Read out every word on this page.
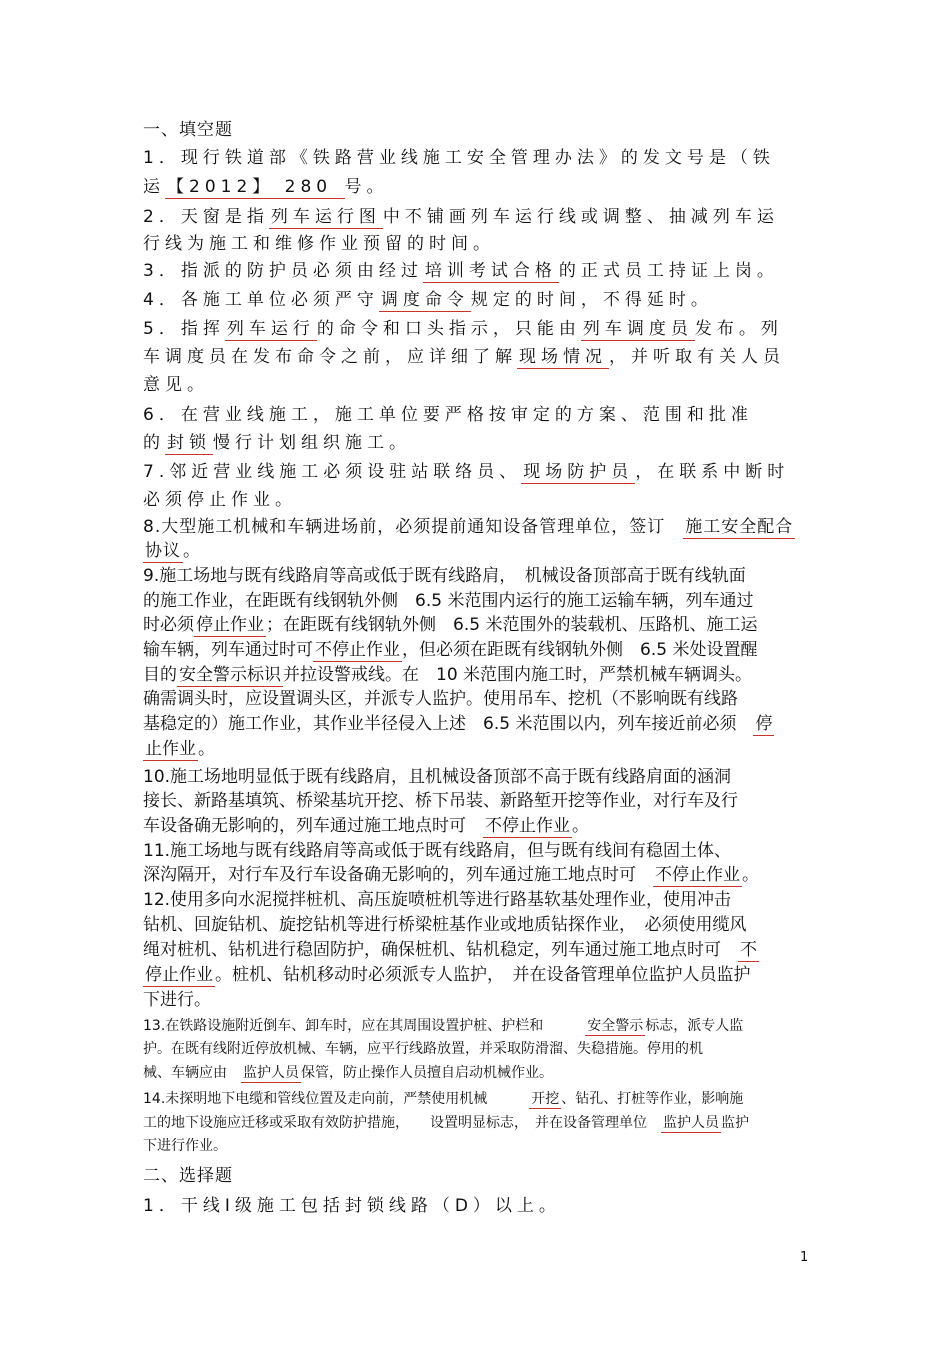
一、填空题
1．现行铁道部《铁路营业线施工安全管理办法》的发文号是（铁
运 【2012】 280 号。
2．天窗是指 列车运行图 中不铺画列车运行线或调整、抽减列车运
行线为施工和维修作业预留的时间。
3．指派的防护员必须由经过 培训考试合格 的正式员工持证上岗。
4．各施工单位必须严守 调度命令 规定的时间，不得延时。
5．指挥 列车运行 的命令和口头指示，只能由 列车调度员 发布。列
车调度员在发布命令之前，应详细了解 现场情况 ，并听取有关人员
意见。
6．在营业线施工，施工单位要严格按审定的方案、范围和批准
的 封锁 慢行计划组织施工。
7.邻近营业线施工必须设驻站联络员、 现场防护员 ，在联系中断时
必须停止作业。
8.大型施工机械和车辆进场前，必须提前通知设备管理单位，签订　施工安全配合
协议 。
9.施工场地与既有线路肩等高或低于既有线路肩，　机械设备顶部高于既有线轨面
的施工作业，在距既有线钢轨外侧　6.5 米范围内运行的施工运输车辆，列车通过
时必须 停止作业 ；在距既有线钢轨外侧　6.5 米范围外的装载机、压路机、施工运
输车辆，列车通过时可 不停止作业 ，但必须在距既有线钢轨外侧　6.5 米处设置醒
目的 安全警示标识 并拉设警戒线。在　10 米范围内施工时，严禁机械车辆调头。
确需调头时，应设置调头区，并派专人监护。使用吊车、挖机（不影响既有线路
基稳定的）施工作业，其作业半径侵入上述　6.5 米范围以内，列车接近前必须　停
止作业 。
10.施工场地明显低于既有线路肩，且机械设备顶部不高于既有线路肩面的涵洞
接长、新路基填筑、桥梁基坑开挖、桥下吊装、新路堑开挖等作业，对行车及行
车设备确无影响的，列车通过施工地点时可　不停止作业 。
11.施工场地与既有线路肩等高或低于既有线路肩，但与既有线间有稳固土体、
深沟隔开，对行车及行车设备确无影响的，列车通过施工地点时可　不停止作业 。
12.使用多向水泥搅拌桩机、高压旋喷桩机等进行路基软基处理作业，使用冲击
钻机、回旋钻机、旋挖钻机等进行桥梁桩基作业或地质钻探作业，　必须使用缆风
绳对桩机、钻机进行稳固防护，确保桩机、钻机稳定，列车通过施工地点时可　不
停止作业 。桩机、钻机移动时必须派专人监护，　并在设备管理单位监护人员监护
下进行。
13.在铁路设施附近倒车、卸车时，应在其周围设置护桩、护栏和　　　安全警示 标志，派专人监
护。在既有线附近停放机械、车辆，应平行线路放置，并采取防滑溜、失稳措施。停用的机
械、车辆应由　监护人员 保管，防止操作人员擅自启动机械作业。
14.未探明地下电缆和管线位置及走向前，严禁使用机械　　　开挖 、钻孔、打桩等作业，影响施
工的地下设施应迁移或采取有效防护措施，　　设置明显标志，　并在设备管理单位　监护人员 监护
下进行作业。
二、选择题
1．干线Ⅰ级施工包括封锁线路（D）以上。
1
